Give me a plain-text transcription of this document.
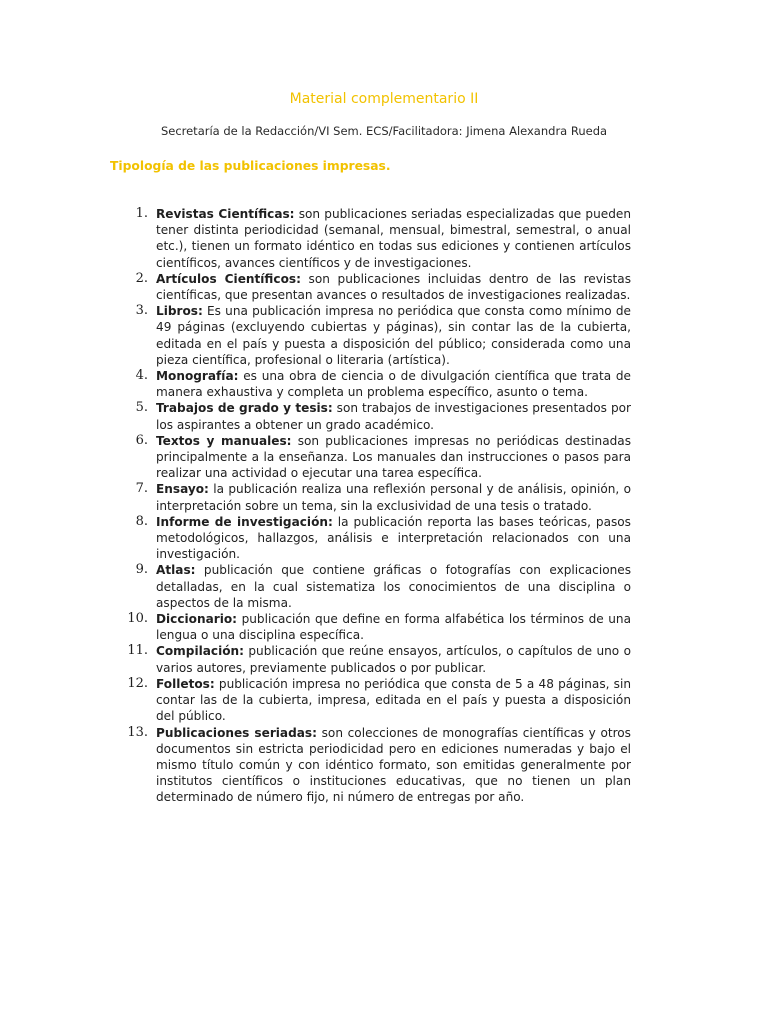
Material complementario II
Secretaría de la Redacción/VI Sem. ECS/Facilitadora: Jimena Alexandra Rueda
Tipología de las publicaciones impresas.
1. Revistas Científicas: son publicaciones seriadas especializadas que pueden tener distinta periodicidad (semanal, mensual, bimestral, semestral, o anual etc.), tienen un formato idéntico en todas sus ediciones y contienen artículos científicos, avances científicos y de investigaciones.
2. Artículos Científicos: son publicaciones incluidas dentro de las revistas científicas, que presentan avances o resultados de investigaciones realizadas.
3. Libros: Es una publicación impresa no periódica que consta como mínimo de 49 páginas (excluyendo cubiertas y páginas), sin contar las de la cubierta, editada en el país y puesta a disposición del público; considerada como una pieza científica, profesional o literaria (artística).
4. Monografía: es una obra de ciencia o de divulgación científica que trata de manera exhaustiva y completa un problema específico, asunto o tema.
5. Trabajos de grado y tesis: son trabajos de investigaciones presentados por los aspirantes a obtener un grado académico.
6. Textos y manuales: son publicaciones impresas no periódicas destinadas principalmente a la enseñanza. Los manuales dan instrucciones o pasos para realizar una actividad o ejecutar una tarea específica.
7. Ensayo: la publicación realiza una reflexión personal y de análisis, opinión, o interpretación sobre un tema, sin la exclusividad de una tesis o tratado.
8. Informe de investigación: la publicación reporta las bases teóricas, pasos metodológicos, hallazgos, análisis e interpretación relacionados con una investigación.
9. Atlas: publicación que contiene gráficas o fotografías con explicaciones detalladas, en la cual sistematiza los conocimientos de una disciplina o aspectos de la misma.
10. Diccionario: publicación que define en forma alfabética los términos de una lengua o una disciplina específica.
11. Compilación: publicación que reúne ensayos, artículos, o capítulos de uno o varios autores, previamente publicados o por publicar.
12. Folletos: publicación impresa no periódica que consta de 5 a 48 páginas, sin contar las de la cubierta, impresa, editada en el país y puesta a disposición del público.
13. Publicaciones seriadas: son colecciones de monografías científicas y otros documentos sin estricta periodicidad pero en ediciones numeradas y bajo el mismo título común y con idéntico formato, son emitidas generalmente por institutos científicos o instituciones educativas, que no tienen un plan determinado de número fijo, ni número de entregas por año.
